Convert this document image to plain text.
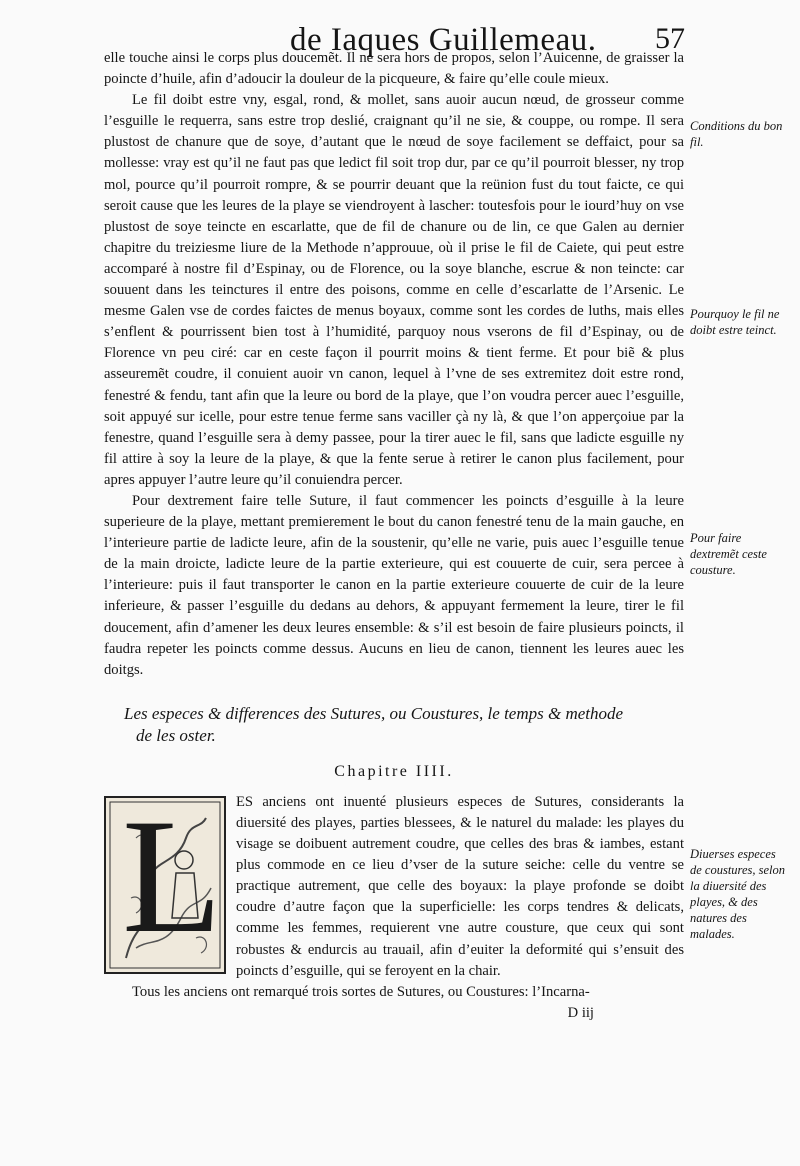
de Iaques Guillemeau. 57

elle touche ainsi le corps plus doucemẽt. Il ne sera hors de propos, selon l’Auicenne, de graisser la poincte d’huile, afin d’adoucir la douleur de la picqueure, & faire qu’elle coule mieux.

Le fil doibt estre vny, esgal, rond, & mollet, sans auoir aucun nœud, de grosseur comme l’esguille le requerra, sans estre trop deslié, craignant qu’il ne sie, & couppe, ou rompe. Il sera plustost de chanure que de soye, d’autant que le nœud de soye facilement se deffaict, pour sa mollesse: vray est qu’il ne faut pas que ledict fil soit trop dur, par ce qu’il pourroit blesser, ny trop mol, pource qu’il pourroit rompre, & se pourrir deuant que la reünion fust du tout faicte, ce qui seroit cause que les leures de la playe se viendroyent à lascher: toutesfois pour le iourd’huy on vse plustost de soye teincte en escarlatte, que de fil de chanure ou de lin, ce que Galen au dernier chapitre du treiziesme liure de la Methode n’approuue, où il prise le fil de Caiete, qui peut estre accomparé à nostre fil d’Espinay, ou de Florence, ou la soye blanche, escrue & non teincte: car souuent dans les teinctures il entre des poisons, comme en celle d’escarlatte de l’Arsenic. Le mesme Galen vse de cordes faictes de menus boyaux, comme sont les cordes de luths, mais elles s’enflent & pourrissent bien tost à l’humidité, parquoy nous vserons de fil d’Espinay, ou de Florence vn peu ciré: car en ceste façon il pourrit moins & tient ferme. Et pour biẽ & plus asseuremẽt coudre, il conuient auoir vn canon, lequel à l’vne de ses extremitez doit estre rond, fenestré & fendu, tant afin que la leure ou bord de la playe, que l’on voudra percer auec l’esguille, soit appuyé sur icelle, pour estre tenue ferme sans vaciller çà ny là, & que l’on apperçoiue par la fenestre, quand l’esguille sera à demy passee, pour la tirer auec le fil, sans que ladicte esguille ny fil attire à soy la leure de la playe, & que la fente serue à retirer le canon plus facilement, pour apres appuyer l’autre leure qu’il conuiendra percer.

Pour dextrement faire telle Suture, il faut commencer les poincts d’esguille à la leure superieure de la playe, mettant premierement le bout du canon fenestré tenu de la main gauche, en l’interieure partie de ladicte leure, afin de la soustenir, qu’elle ne varie, puis auec l’esguille tenue de la main droicte, ladicte leure de la partie exterieure, qui est couuerte de cuir, sera percee à l’interieure: puis il faut transporter le canon en la partie exterieure couuerte de cuir de la leure inferieure, & passer l’esguille du dedans au dehors, & appuyant fermement la leure, tirer le fil doucement, afin d’amener les deux leures ensemble: & s’il est besoin de faire plusieurs poincts, il faudra repeter les poincts comme dessus. Aucuns en lieu de canon, tiennent les leures auec les doitgs.

Les especes & differences des Sutures, ou Coustures, le temps & methode de les oster.

Chapitre IIII.

L ES anciens ont inuenté plusieurs especes de Sutures, considerants la diuersité des playes, parties blessees, & le naturel du malade: les playes du visage se doibuent autrement coudre, que celles des bras & iambes, estant plus commode en ce lieu d’vser de la suture seiche: celle du ventre se practique autrement, que celle des boyaux: la playe profonde se doibt coudre d’autre façon que la superficielle: les corps tendres & delicats, comme les femmes, requierent vne autre cousture, que ceux qui sont robustes & endurcis au trauail, afin d’euiter la deformité qui s’ensuit des poincts d’esguille, qui se feroyent en la chair.

Tous les anciens ont remarqué trois sortes de Sutures, ou Coustures: l’Incarna-

D iij

Conditions du bon fil.
Pourquoy le fil ne doibt estre teinct.
Pour faire dextremẽt ceste cousture.
Diuerses especes de coustures, selon la diuersité des playes, & des natures des malades.
